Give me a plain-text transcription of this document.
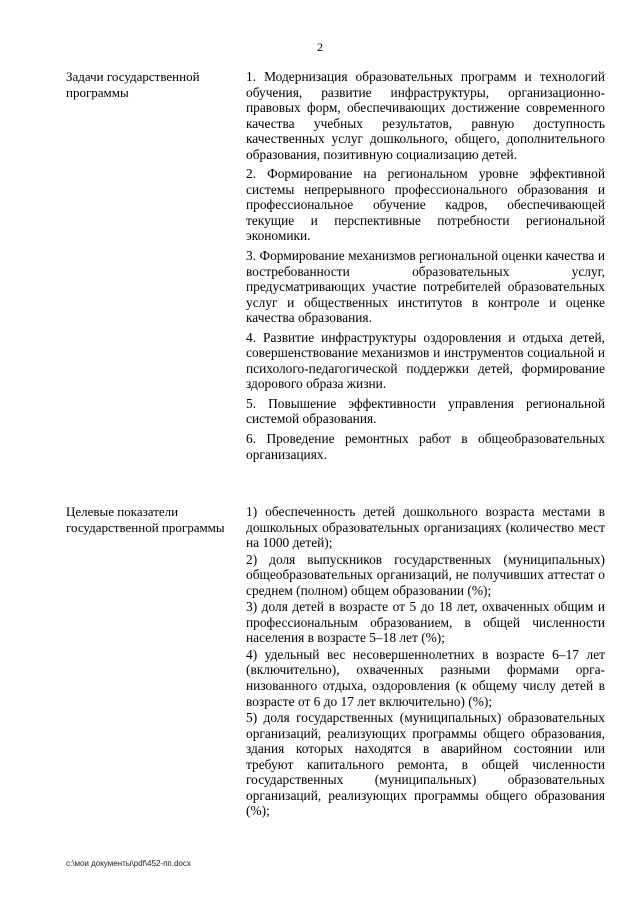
2
Задачи государственной программы

1. Модернизация образовательных программ и технологий обучения, развитие инфраструктуры, организационно-правовых форм, обеспечивающих достижение современного качества учебных результатов, равную доступность качественных услуг дошкольного, общего, дополнительного образования, позитивную социализацию детей.

2. Формирование на региональном уровне эффективной системы непрерывного профессионального образования и профессиональное обучение кадров, обеспечивающей текущие и перспективные потребности региональной экономики.

3. Формирование механизмов региональной оценки качества и востребованности образовательных услуг, предусматривающих участие потребителей образовательных услуг и общественных институтов в контроле и оценке качества образования.

4. Развитие инфраструктуры оздоровления и отдыха детей, совершенствование механизмов и инструментов социальной и психолого-педагогической поддержки детей, формирование здорового образа жизни.

5. Повышение эффективности управления региональной системой образования.

6. Проведение ремонтных работ в общеобразовательных организациях.

Целевые показатели государственной программы

1) обеспеченность детей дошкольного возраста местами в дошкольных образовательных организациях (количество мест на 1000 детей);

2) доля выпускников государственных (муниципальных) общеобразовательных организаций, не получивших аттестат о среднем (полном) общем образовании (%);

3) доля детей в возрасте от 5 до 18 лет, охваченных общим и профессиональным образованием, в общей численности населения в возрасте 5–18 лет (%);

4) удельный вес несовершеннолетних в возрасте 6–17 лет (включительно), охваченных разными формами организованного отдыха, оздоровления (к общему числу детей в возрасте от 6 до 17 лет включительно) (%);

5) доля государственных (муниципальных) образовательных организаций, реализующих программы общего образования, здания которых находятся в аварийном состоянии или требуют капитального ремонта, в общей численности государственных (муниципальных) образовательных организаций, реализующих программы общего образования (%);

c:\мои документы\pdf\452-пп.docx
